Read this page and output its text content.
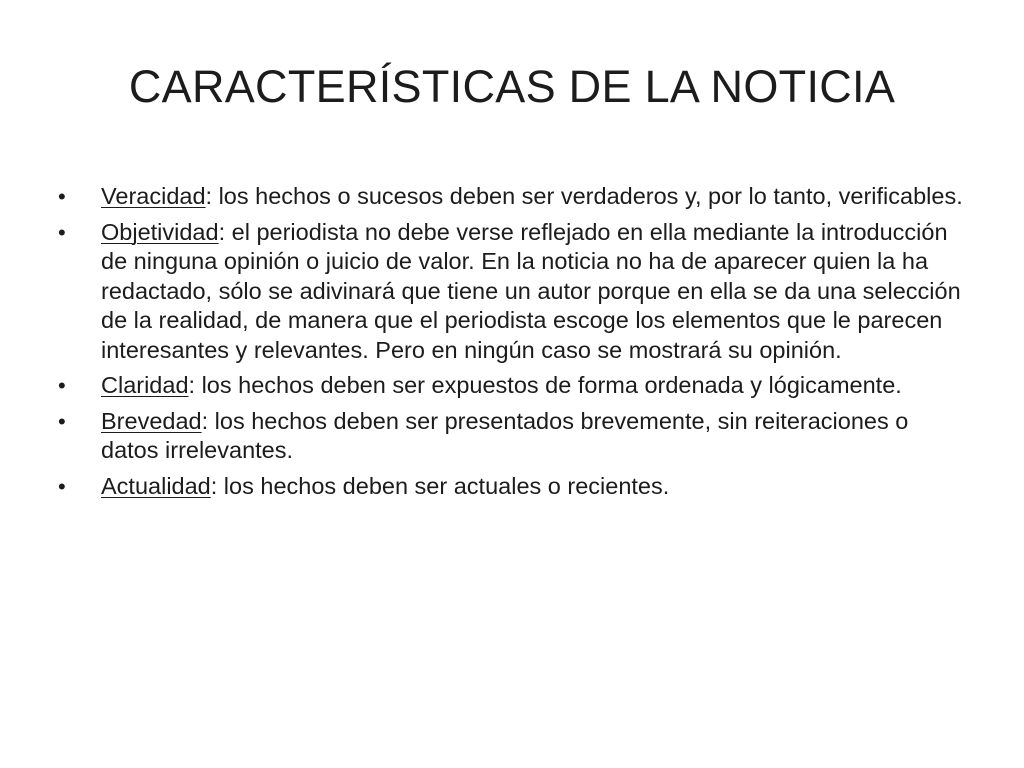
CARACTERÍSTICAS DE LA NOTICIA
•	Veracidad: los hechos o sucesos deben ser verdaderos y, por lo tanto, verificables.
•	Objetividad: el periodista no debe verse reflejado en ella mediante la introducción de ninguna opinión o juicio de valor. En la noticia no ha de aparecer quien la ha redactado, sólo se adivinará que tiene un autor porque en ella se da una selección de la realidad, de manera que el periodista escoge los elementos que le parecen interesantes y relevantes. Pero en ningún caso se mostrará su opinión.
•	Claridad: los hechos deben ser expuestos de forma ordenada y lógicamente.
•	Brevedad: los hechos deben ser presentados brevemente, sin reiteraciones o datos irrelevantes.
•	Actualidad: los hechos deben ser actuales o recientes.
